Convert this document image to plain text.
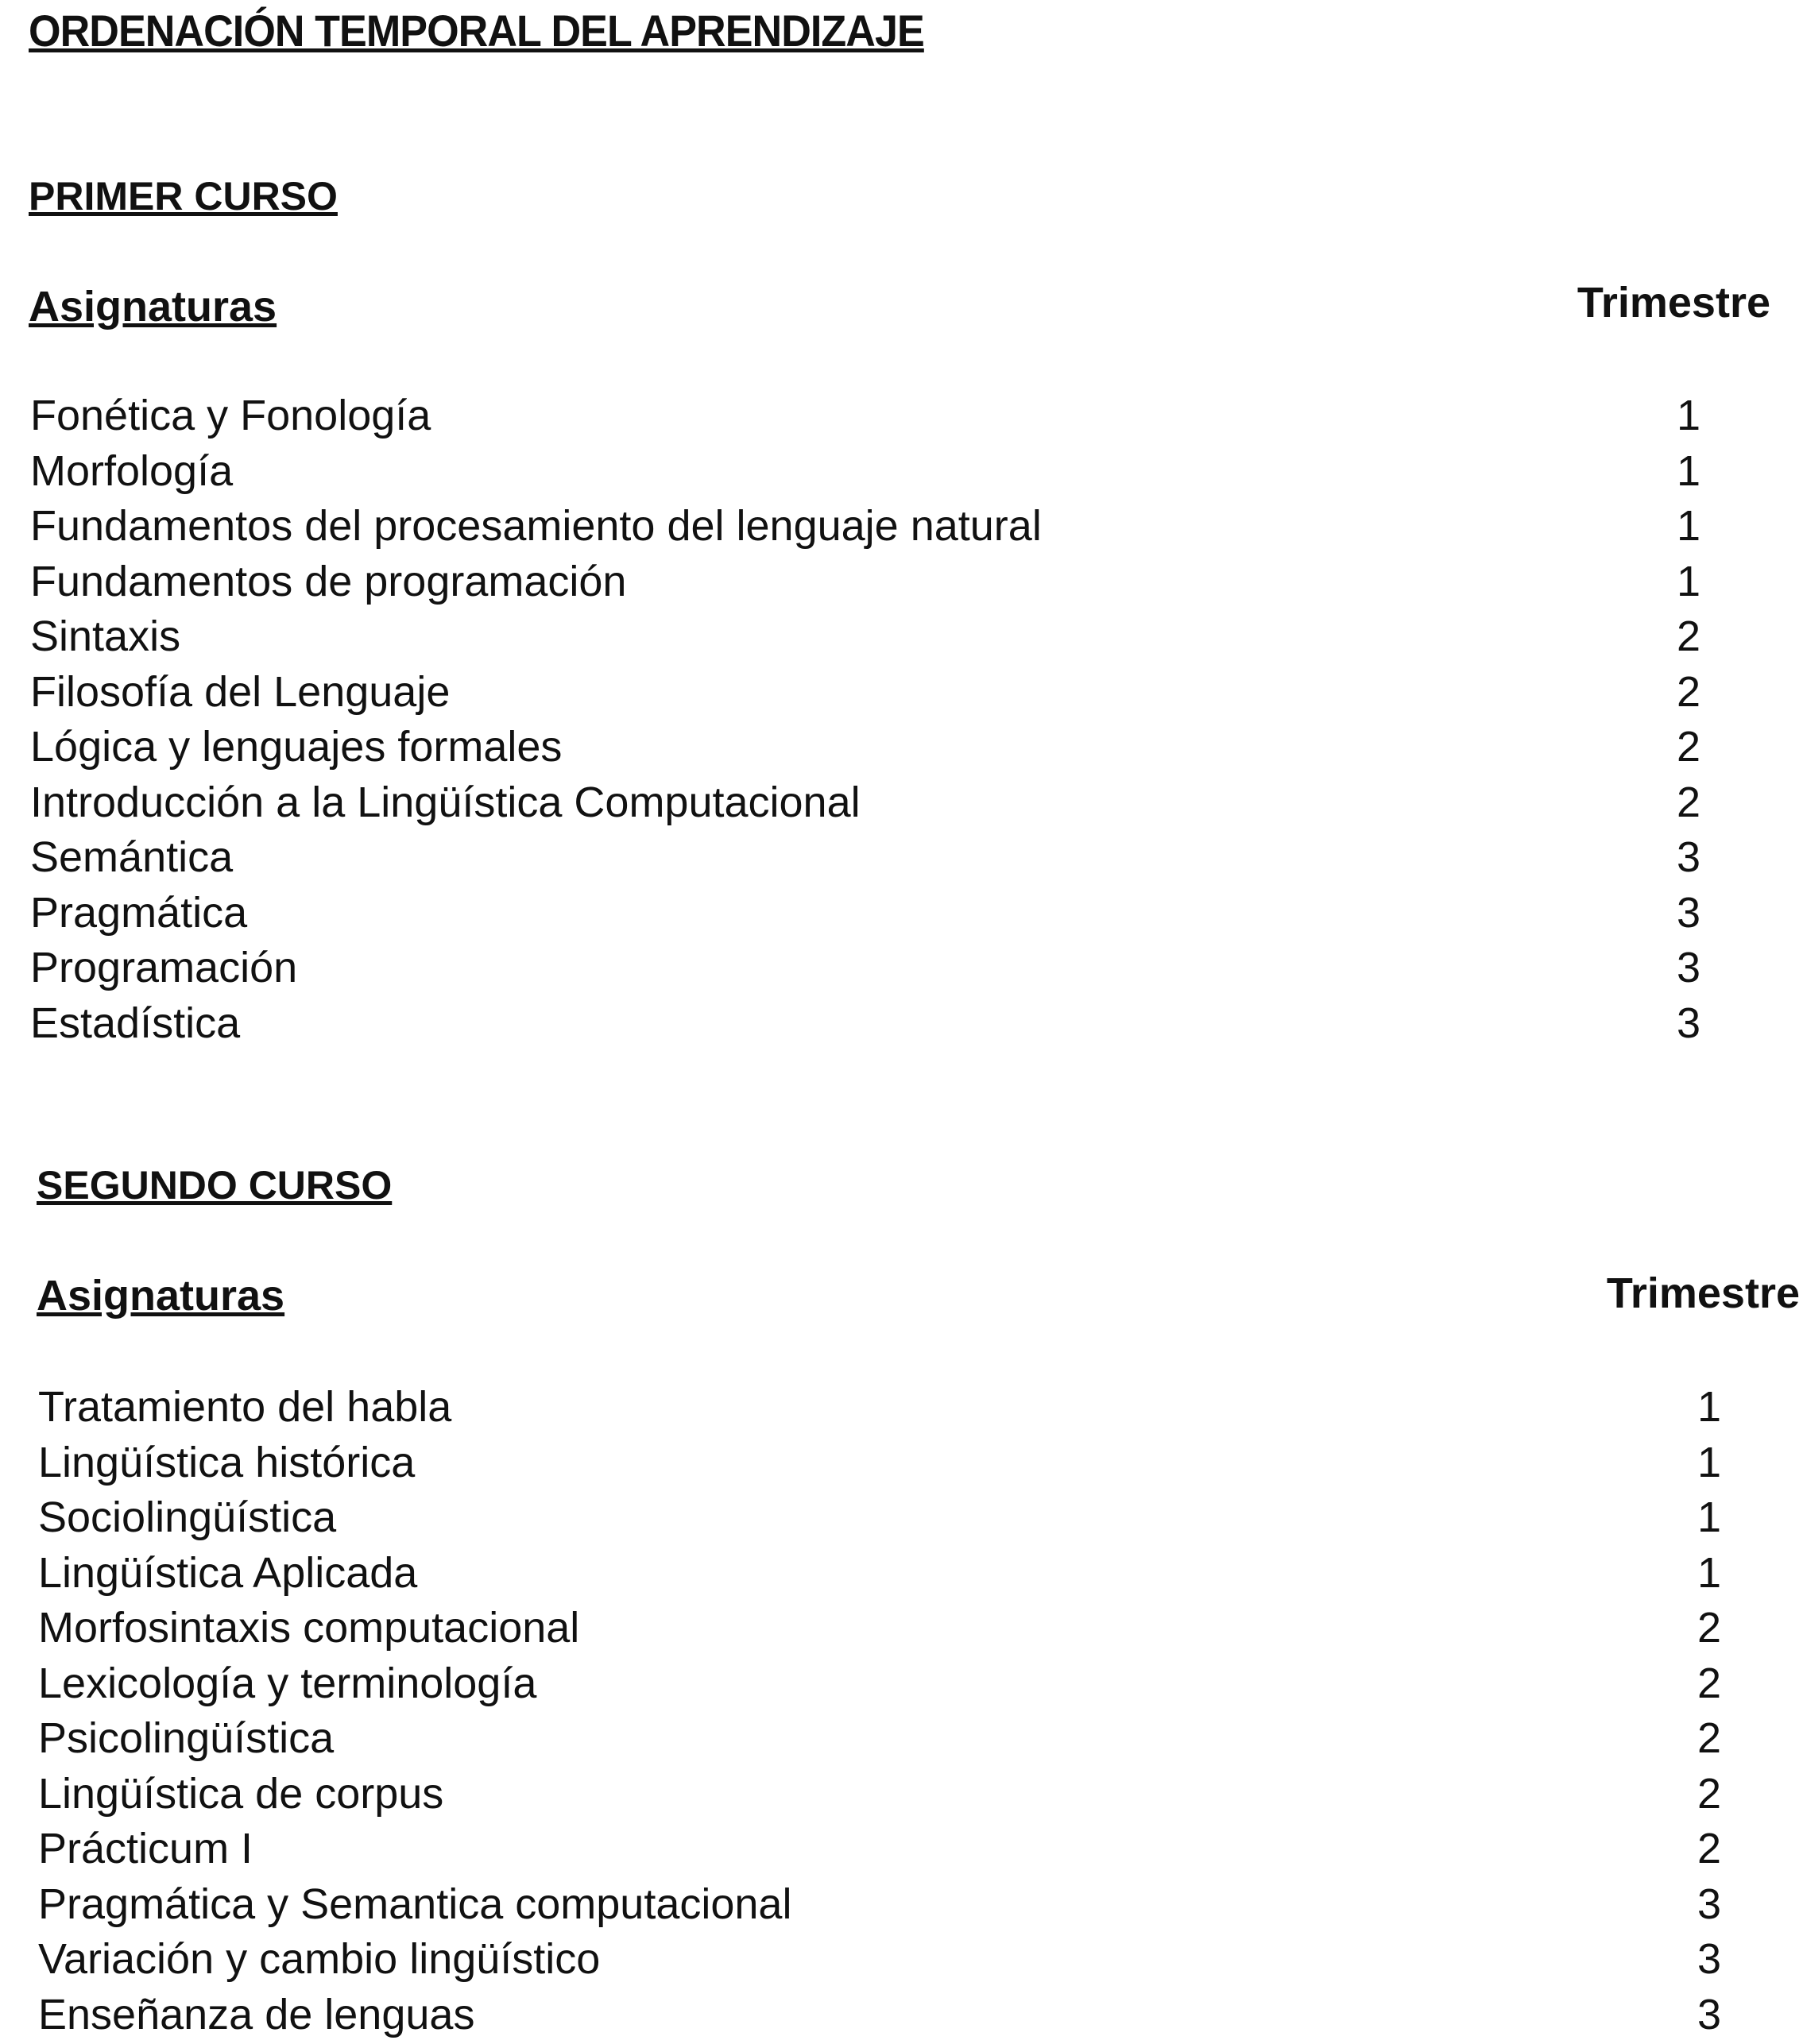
ORDENACIÓN TEMPORAL DEL APRENDIZAJE
PRIMER CURSO
Asignaturas	Trimestre
Fonética y Fonología	1
Morfología	1
Fundamentos del procesamiento del lenguaje natural	1
Fundamentos de programación	1
Sintaxis	2
Filosofía del Lenguaje	2
Lógica y lenguajes formales	2
Introducción a la Lingüística Computacional	2
Semántica	3
Pragmática	3
Programación	3
Estadística	3
SEGUNDO CURSO
Asignaturas	Trimestre
Tratamiento del habla	1
Lingüística histórica	1
Sociolingüística	1
Lingüística Aplicada	1
Morfosintaxis computacional	2
Lexicología y terminología	2
Psicolingüística	2
Lingüística de corpus	2
Prácticum I	2
Pragmática y Semantica computacional	3
Variación y cambio lingüístico	3
Enseñanza de lenguas	3
